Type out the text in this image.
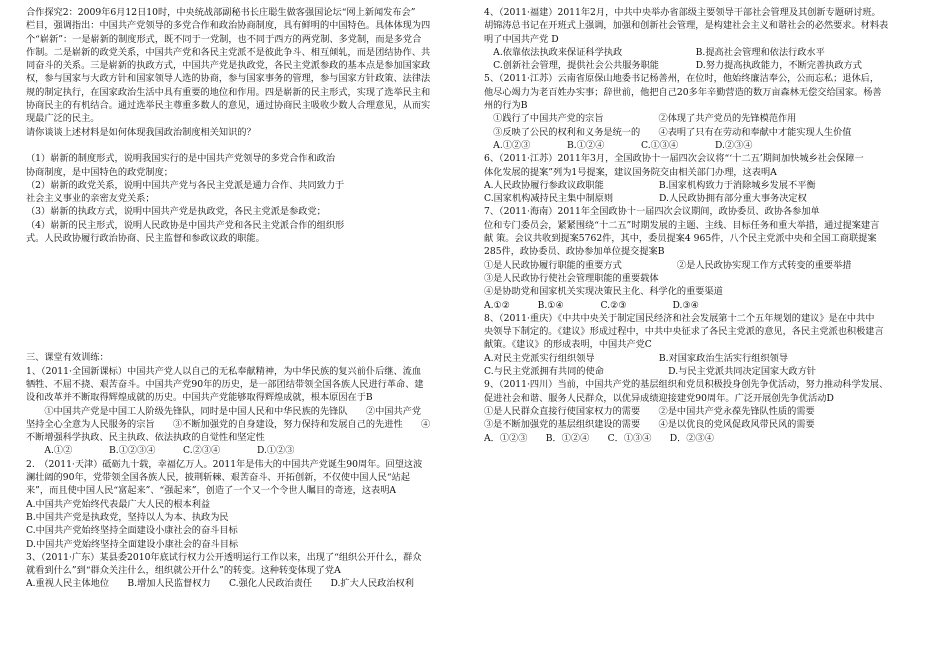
合作探究2：2009年6月12日10时，中央统战部副秘书长庄聪生做客强国论坛“网上新闻发布会”
栏目，强调指出：中国共产党领导的多党合作和政治协商制度，具有鲜明的中国特色。具体体现为四
个“崭新”：一是崭新的制度形式，既不同于一党制，也不同于西方的两党制、多党制，而是多党合
作制。二是崭新的政党关系，中国共产党和各民主党派不是彼此争斗、相互倾轧，而是团结协作、共
同奋斗的关系。三是崭新的执政方式，中国共产党是执政党，各民主党派参政的基本点是参加国家政
权，参与国家与大政方针和国家领导人选的协商，参与国家事务的管理，参与国家方针政策、法律法
规的制定执行，在国家政治生活中具有重要的地位和作用。四是崭新的民主形式，实现了选举民主和
协商民主的有机结合。通过选举民主尊重多数人的意见，通过协商民主吸收少数人合理意见，从而实
现最广泛的民主。
请你谈谈上述材料是如何体现我国政治制度相关知识的？
（1）崭新的制度形式，说明我国实行的是中国共产党领导的多党合作和政治
协商制度，是中国特色的政党制度；
（2）崭新的政党关系，说明中国共产党与各民主党派是通力合作、共同致力于
社会主义事业的亲密友党关系；
（3）崭新的执政方式，说明中国共产党是执政党，各民主党派是参政党；
（4）崭新的民主形式，说明人民政协是中国共产党和各民主党派合作的组织形
式。人民政协履行政治协商、民主监督和参政议政的职能。
三、课堂有效训练：
1、（2011·全国新课标）中国共产党人以自己的无私奉献精神，为中华民族的复兴前仆后继、流血
牺牲、不屈不挠、艰苦奋斗。中国共产党90年的历史，是一部团结带领全国各族人民进行革命、建
设和改革并不断取得辉煌成就的历史。中国共产党能够取得辉煌成就，根本原因在于B
　　①中国共产党是中国工人阶级先锋队，同时是中国人民和中华民族的先锋队　　②中国共产党
坚持全心全意为人民服务的宗旨　　③不断加强党的自身建设，努力保持和发展自己的先进性　　④
不断增强科学执政、民主执政、依法执政的自觉性和坚定性
　　A.①②　　　　B.①②③④　　　C.②③④　　　　D.①②③
2.　（2011·天津）砥砺九十载，幸福亿万人。2011年是伟大的中国共产党诞生90周年。回望这波
澜壮阔的90年，党带领全国各族人民，披荆斩棘、艰苦奋斗、开拓创新，不仅使中国人民“站起
来”，而且使中国人民“富起来”、“强起来”，创造了一个又一个令世人瞩目的奇迹，这表明A
A.中国共产党始终代表最广大人民的根本利益
B.中国共产党是执政党，坚持以人为本、执政为民
C.中国共产党始终坚持全面建设小康社会的奋斗目标
D.中国共产党始终坚持全面建设小康社会的奋斗目标
3、（2011·广东）某县委2010年底试行权力公开透明运行工作以来，出现了“组织公开什么，群众
就看到什么”到“群众关注什么，组织就公开什么”的转变。这种转变体现了党A
A.重视人民主体地位　　B.增加人民监督权力　　C.强化人民政治责任　　D.扩大人民政治权利
4、（2011·福建）2011年2月，中共中央举办省部级主要领导干部社会管理及其创新专题研讨班。
胡锦涛总书记在开班式上强调，加强和创新社会管理，是构建社会主义和谐社会的必然要求。材料表
明了中国共产党 D
　A.依靠依法执政来保证科学执政　　　　　　　　B.提高社会管理和依法行政水平
　C.创新社会管理，提供社会公共服务职能　　　　D.努力提高执政能力，不断完善执政方式
5、（2011·江苏）云南省原保山地委书记杨善州，在位时，他始终廉洁奉公，公而忘私；退休后，
他尽心竭力为老百姓办实事；辞世前，他把自己20多年辛勤营造的数万亩森林无偿交给国家。杨善
州的行为B
　①践行了中国共产党的宗旨　　　　　　②体现了共产党员的先锋模范作用
　③反映了公民的权利和义务是统一的　　④表明了只有在劳动和奉献中才能实现人生价值
　A.①②③　　　　B.①②④　　　　C.①③④　　　　D.②③④
6、（2011·江苏）2011年3月，全国政协十一届四次会议将“‘十二五’期间加快城乡社会保障一
体化发展的提案”列为1号提案，建议国务院交由相关部门办理，这表明A
A.人民政协履行参政议政职能　　　　　　B.国家机构致力于消除城乡发展不平衡
C.国家机构减持民主集中制原则　　　　　D.人民政协拥有部分重大事务决定权
7、（2011·海南）2011年全国政协十一届四次会议期间，政协委员、政协各参加单
位和专门委员会，紧紧围绕“十二五”时期发展的主题、主线、目标任务和重大举措，通过提案建言
献 策。会议共收到提案5762件，其中，委员提案4 965件，八个民主党派中央和全国工商联提案
285件，政协委员、政协参加单位提交提案B
①是人民政协履行职能的重要方式　　　　　　②是人民政协实现工作方式转变的重要举措
③是人民政协行使社会管理职能的重要载体
④是协助党和国家机关实现决策民主化、科学化的重要渠道
A.①②　　　B.①④　　　　C.②③　　　　　D.③④
8、（2011·重庆）《中共中央关于制定国民经济和社会发展第十二个五年规划的建议》是在中共中
央领导下制定的。《建议》形成过程中，中共中央征求了各民主党派的意见，各民主党派也积极建言
献策。《建议》的形成表明，中国共产党C
A.对民主党派实行组织领导　　　　　　　B.对国家政治生活实行组织领导
C.与民主党派拥有共同的使命　　　　　　　D.与民主党派共同决定国家大政方针
9、（2011·四川）当前，中国共产党的基层组织和党员积极投身创先争优活动，努力推动科学发展、
促进社会和谐、服务人民群众，以优异成绩迎接建党90周年。广泛开展创先争优活动D
①是人民群众直接行使国家权力的需要　　②是中国共产党永葆先锋队性质的需要
③是不断加强党的基层组织建设的需要　　④是以优良的党风促政风带民风的需要
A．①②③　　B．①②④　　C．①③④　　D．②③④
